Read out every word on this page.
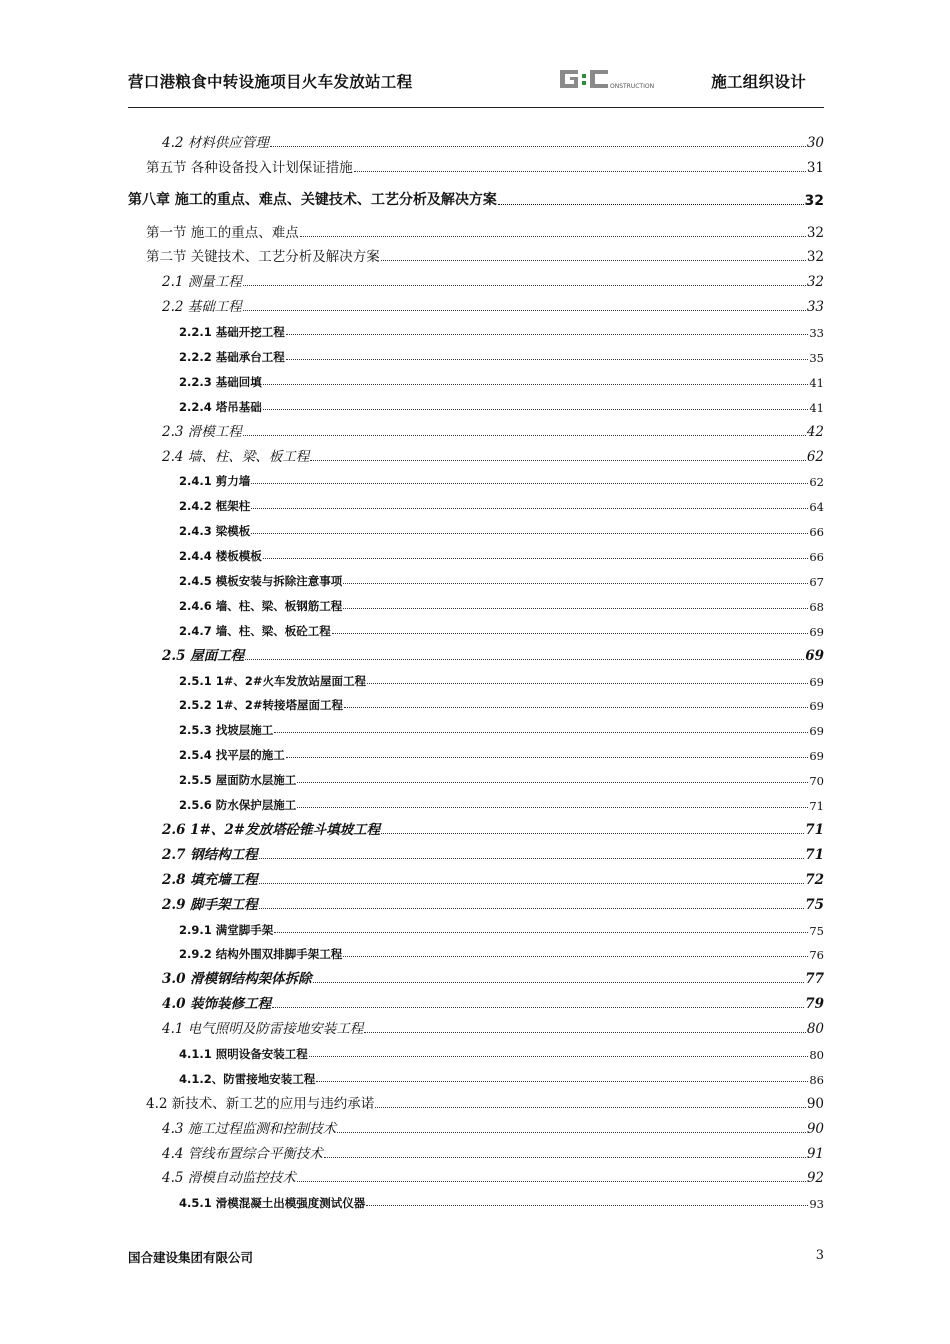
营口港粮食中转设施项目火车发放站工程	ONSTRUCTION	施工组织设计
4.2 材料供应管理	30
第五节 各种设备投入计划保证措施	31
第八章 施工的重点、难点、关键技术、工艺分析及解决方案	32
第一节 施工的重点、难点	32
第二节 关键技术、工艺分析及解决方案	32
2.1 测量工程	32
2.2 基础工程	33
2.2.1 基础开挖工程	33
2.2.2 基础承台工程	35
2.2.3 基础回填	41
2.2.4 塔吊基础	41
2.3 滑模工程	42
2.4 墙、柱、梁、板工程	62
2.4.1 剪力墙	62
2.4.2 框架柱	64
2.4.3 梁模板	66
2.4.4 楼板模板	66
2.4.5 模板安装与拆除注意事项	67
2.4.6 墙、柱、梁、板钢筋工程	68
2.4.7 墙、柱、梁、板砼工程	69
2.5 屋面工程	69
2.5.1 1#、2#火车发放站屋面工程	69
2.5.2 1#、2#转接塔屋面工程	69
2.5.3 找坡层施工	69
2.5.4 找平层的施工	69
2.5.5 屋面防水层施工	70
2.5.6 防水保护层施工	71
2.6 1#、2#发放塔砼锥斗填坡工程	71
2.7 钢结构工程	71
2.8 填充墙工程	72
2.9 脚手架工程	75
2.9.1 满堂脚手架	75
2.9.2 结构外围双排脚手架工程	76
3.0 滑模钢结构架体拆除	77
4.0 装饰装修工程	79
4.1 电气照明及防雷接地安装工程	80
4.1.1 照明设备安装工程	80
4.1.2、防雷接地安装工程	86
4.2 新技术、新工艺的应用与违约承诺	90
4.3 施工过程监测和控制技术	90
4.4 管线布置综合平衡技术	91
4.5 滑模自动监控技术	92
4.5.1 滑模混凝土出模强度测试仪器	93
国合建设集团有限公司	3
